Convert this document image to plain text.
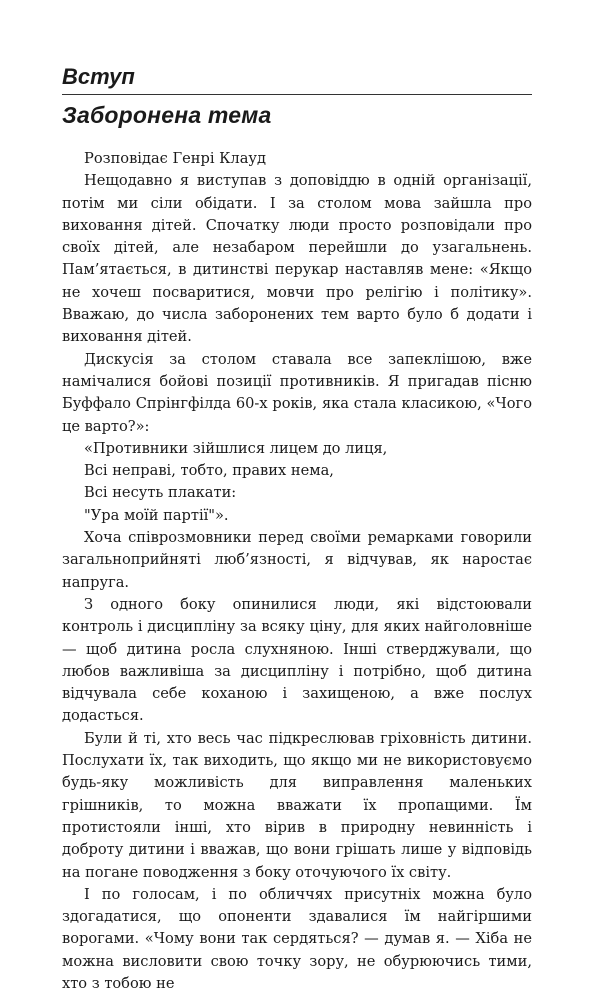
Вступ
Заборонена тема

Розповідає Генрі Клауд

Нещодавно я виступав з доповіддю в одній організації, потім ми сіли обідати. І за столом мова зайшла про виховання дітей. Спочатку люди просто розповідали про своїх дітей, але незабаром перейшли до узагальнень. Пам’ятається, в дитинстві перукар наставляв мене: «Якщо не хочеш посваритися, мовчи про релігію і політику». Вважаю, до числа заборонених тем варто було б додати і виховання дітей.

Дискусія за столом ставала все запеклішою, вже намічалися бойові позиції противників. Я пригадав пісню Буффало Спрінгфілда 60-х років, яка стала класикою, «Чого це варто?»:

«Противники зійшлися лицем до лиця,

Всі неправі, тобто, правих нема,

Всі несуть плакати:

"Ура моїй партії"».

Хоча співрозмовники перед своїми ремарками говорили загальноприйняті люб’язності, я відчував, як наростає напруга.

З одного боку опинилися люди, які відстоювали контроль і дисципліну за всяку ціну, для яких найголовніше — щоб дитина росла слухняною. Інші стверджували, що любов важливіша за дисципліну і потрібно, щоб дитина відчувала себе коханою і захищеною, а вже послух додасться.

Були й ті, хто весь час підкреслював гріховність дитини. Послухати їх, так виходить, що якщо ми не використовуємо будь-яку можливість для виправлення маленьких грішників, то можна вважати їх пропащими. Їм протистояли інші, хто вірив в природну невинність і доброту дитини і вважав, що вони грішать лише у відповідь на погане поводження з боку оточуючого їх світу.

І по голосам, і по обличчях присутніх можна було здогадатися, що опоненти здавалися їм найгіршими ворогами. «Чому вони так сердяться? — думав я. — Хіба не можна висловити свою точку зору, не обурюючись тими, хто з тобою не
